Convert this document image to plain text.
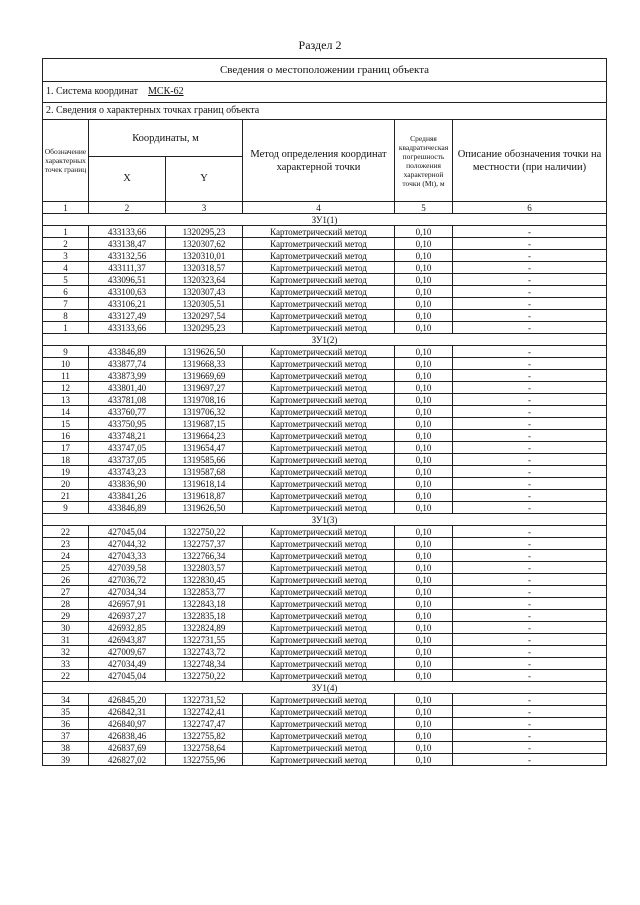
Раздел 2
Сведения о местоположении границ объекта					
1. Система координат МСК-62					
2. Сведения о характерных точках границ объекта					
Обозначение характерных точек границ	Координаты, м		Метод определения координат характерной точки	Средняя квадратическая погрешность положения характерной точки (Mt), м	Описание обозначения точки на местности (при наличии)
	X	Y			
1	2	3	4	5	6
ЗУ1(1)					
1	433133,66	1320295,23	Картометрический метод	0,10	-
2	433138,47	1320307,62	Картометрический метод	0,10	-
3	433132,56	1320310,01	Картометрический метод	0,10	-
4	433111,37	1320318,57	Картометрический метод	0,10	-
5	433096,51	1320323,64	Картометрический метод	0,10	-
6	433100,63	1320307,43	Картометрический метод	0,10	-
7	433106,21	1320305,51	Картометрический метод	0,10	-
8	433127,49	1320297,54	Картометрический метод	0,10	-
1	433133,66	1320295,23	Картометрический метод	0,10	-
ЗУ1(2)					
9	433846,89	1319626,50	Картометрический метод	0,10	-
10	433877,74	1319668,33	Картометрический метод	0,10	-
11	433873,99	1319669,69	Картометрический метод	0,10	-
12	433801,40	1319697,27	Картометрический метод	0,10	-
13	433781,08	1319708,16	Картометрический метод	0,10	-
14	433760,77	1319706,32	Картометрический метод	0,10	-
15	433750,95	1319687,15	Картометрический метод	0,10	-
16	433748,21	1319664,23	Картометрический метод	0,10	-
17	433747,05	1319654,47	Картометрический метод	0,10	-
18	433737,05	1319585,66	Картометрический метод	0,10	-
19	433743,23	1319587,68	Картометрический метод	0,10	-
20	433836,90	1319618,14	Картометрический метод	0,10	-
21	433841,26	1319618,87	Картометрический метод	0,10	-
9	433846,89	1319626,50	Картометрический метод	0,10	-
ЗУ1(3)					
22	427045,04	1322750,22	Картометрический метод	0,10	-
23	427044,32	1322757,37	Картометрический метод	0,10	-
24	427043,33	1322766,34	Картометрический метод	0,10	-
25	427039,58	1322803,57	Картометрический метод	0,10	-
26	427036,72	1322830,45	Картометрический метод	0,10	-
27	427034,34	1322853,77	Картометрический метод	0,10	-
28	426957,91	1322843,18	Картометрический метод	0,10	-
29	426937,27	1322835,18	Картометрический метод	0,10	-
30	426932,85	1322824,89	Картометрический метод	0,10	-
31	426943,87	1322731,55	Картометрический метод	0,10	-
32	427009,67	1322743,72	Картометрический метод	0,10	-
33	427034,49	1322748,34	Картометрический метод	0,10	-
22	427045,04	1322750,22	Картометрический метод	0,10	-
ЗУ1(4)					
34	426845,20	1322731,52	Картометрический метод	0,10	-
35	426842,31	1322742,41	Картометрический метод	0,10	-
36	426840,97	1322747,47	Картометрический метод	0,10	-
37	426838,46	1322755,82	Картометрический метод	0,10	-
38	426837,69	1322758,64	Картометрический метод	0,10	-
39	426827,02	1322755,96	Картометрический метод	0,10	-
